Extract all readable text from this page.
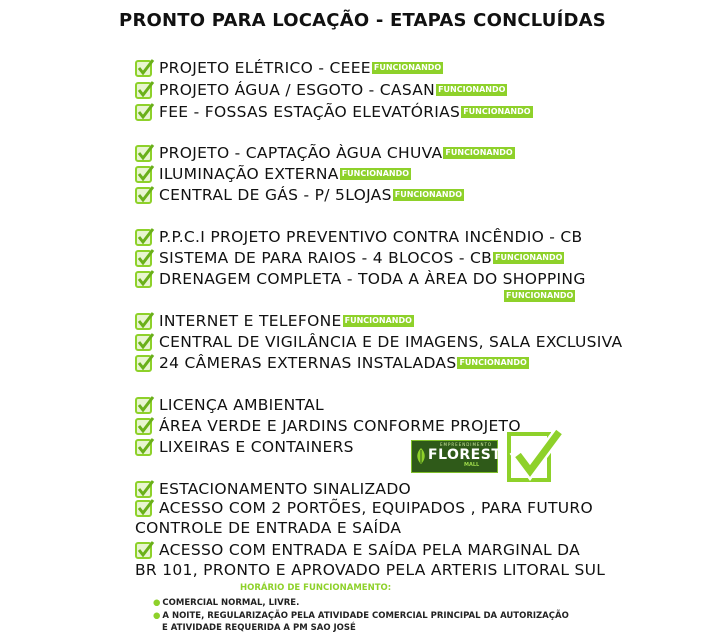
PRONTO PARA LOCAÇÃO - ETAPAS CONCLUÍDAS
PROJETO ELÉTRICO - CEEE FUNCIONANDO
PROJETO ÁGUA / ESGOTO - CASAN FUNCIONANDO
FEE - FOSSAS ESTAÇÃO ELEVATÓRIAS FUNCIONANDO
PROJETO - CAPTAÇÃO ÀGUA CHUVA FUNCIONANDO
ILUMINAÇÃO EXTERNA FUNCIONANDO
CENTRAL DE GÁS - P/ 5LOJAS FUNCIONANDO
P.P.C.I PROJETO PREVENTIVO CONTRA INCÊNDIO - CB
SISTEMA DE PARA RAIOS - 4 BLOCOS - CB FUNCIONANDO
DRENAGEM COMPLETA - TODA A ÀREA DO SHOPPING
FUNCIONANDO
INTERNET E TELEFONE FUNCIONANDO
CENTRAL DE VIGILÂNCIA E DE IMAGENS, SALA EXCLUSIVA
24 CÂMERAS EXTERNAS INSTALADAS FUNCIONANDO
LICENÇA AMBIENTAL
ÁREA VERDE E JARDINS CONFORME PROJETO
LIXEIRAS E CONTAINERS	EMPREENDIMENTO
FLORESTA
MALL
ESTACIONAMENTO SINALIZADO
ACESSO COM 2 PORTÕES, EQUIPADOS , PARA FUTURO
CONTROLE DE ENTRADA E SAÍDA
ACESSO COM ENTRADA E SAÍDA PELA MARGINAL DA
BR 101, PRONTO E APROVADO PELA ARTERIS LITORAL SUL
HORÁRIO DE FUNCIONAMENTO:
● COMERCIAL NORMAL, LIVRE.
● A NOITE, REGULARIZAÇÃO PELA ATIVIDADE COMERCIAL PRINCIPAL DA AUTORIZAÇÃO
E ATIVIDADE REQUERIDA A PM SAO JOSÉ
